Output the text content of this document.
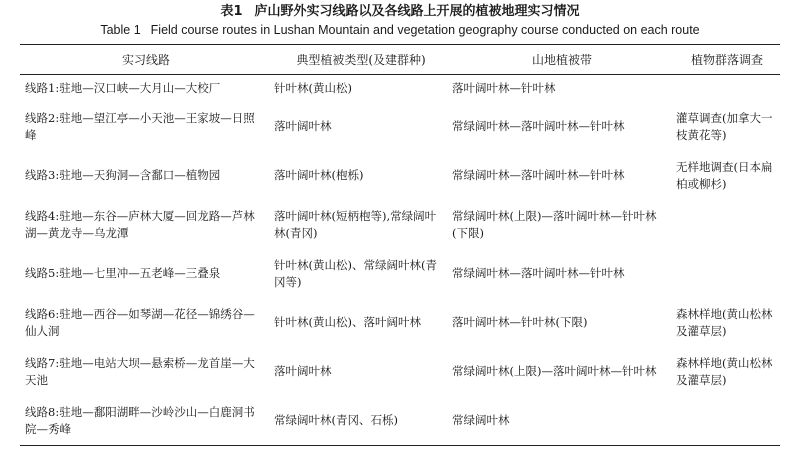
表1 庐山野外实习线路以及各线路上开展的植被地理实习情况
Table 1 Field course routes in Lushan Mountain and vegetation geography course conducted on each route
实习线路	典型植被类型(及建群种)	山地植被带	植物群落调查
线路1:驻地—汉口峡—大月山—大校厂	针叶林(黄山松)	落叶阔叶林—针叶林	
线路2:驻地—望江亭—小天池—王家坡—日照峰	落叶阔叶林	常绿阔叶林—落叶阔叶林—针叶林	灌草调查(加拿大一枝黄花等)
线路3:驻地—天狗洞—含鄱口—植物园	落叶阔叶林(枹栎)	常绿阔叶林—落叶阔叶林—针叶林	无样地调查(日本扁柏或柳杉)
线路4:驻地—东谷—庐林大厦—回龙路—芦林湖—黄龙寺—乌龙潭	落叶阔叶林(短柄枹等),常绿阔叶林(青冈)	常绿阔叶林(上限)—落叶阔叶林—针叶林(下限)	
线路5:驻地—七里冲—五老峰—三叠泉	针叶林(黄山松)、常绿阔叶林(青冈等)	常绿阔叶林—落叶阔叶林—针叶林	
线路6:驻地—西谷—如琴湖—花径—锦绣谷—仙人洞	针叶林(黄山松)、落叶阔叶林	落叶阔叶林—针叶林(下限)	森林样地(黄山松林及灌草层)
线路7:驻地—电站大坝—悬索桥—龙首崖—大天池	落叶阔叶林	常绿阔叶林(上限)—落叶阔叶林—针叶林	森林样地(黄山松林及灌草层)
线路8:驻地—鄱阳湖畔—沙岭沙山—白鹿洞书院—秀峰	常绿阔叶林(青冈、石栎)	常绿阔叶林	
